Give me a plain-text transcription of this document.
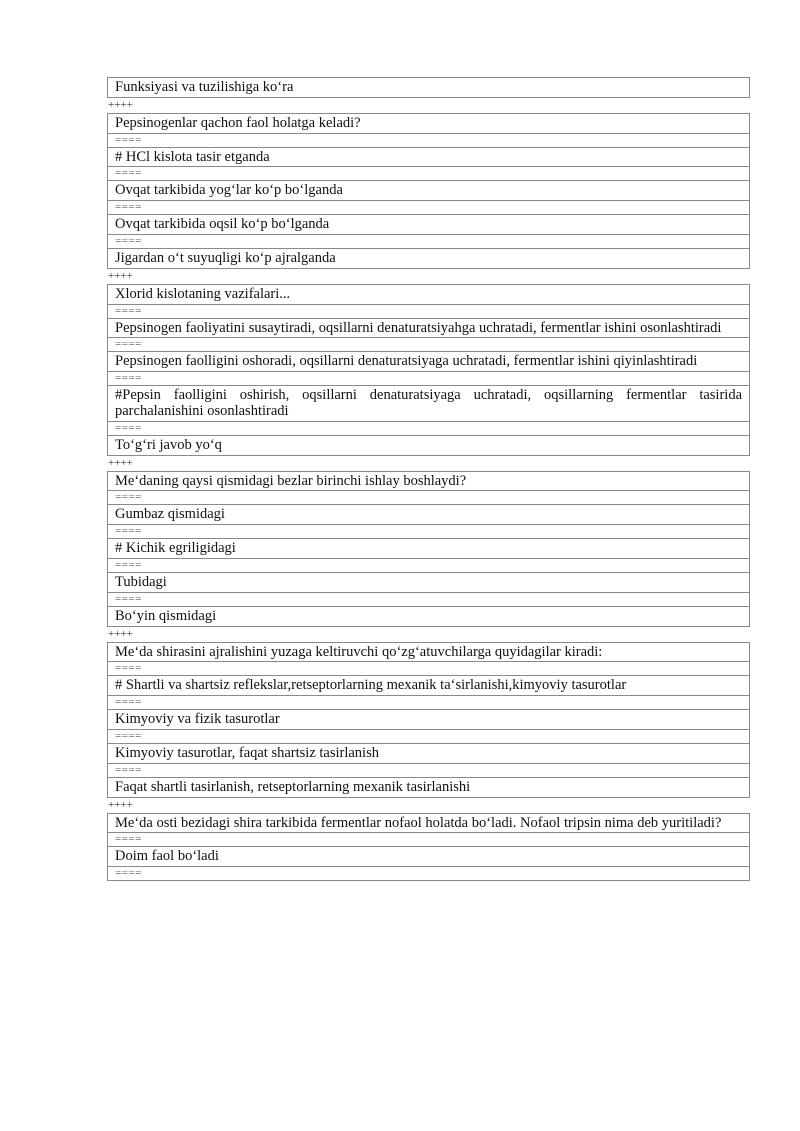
Funksiyasi va tuzilishiga koʻra
++++
Pepsinogenlar qachon faol holatga keladi?
====
# HCl kislota tasir etganda
====
Ovqat tarkibida yogʻlar koʻp boʻlganda
====
Ovqat tarkibida oqsil koʻp boʻlganda
====
Jigardan oʻt suyuqligi koʻp ajralganda
++++
Xlorid kislotaning vazifalari...
====
Pepsinogen faoliyatini susaytiradi, oqsillarni denaturatsiyahga uchratadi, fermentlar ishini osonlashtiradi
====
Pepsinogen faolligini oshoradi, oqsillarni denaturatsiyaga uchratadi, fermentlar ishini qiyinlashtiradi
====
#Pepsin faolligini oshirish, oqsillarni denaturatsiyaga uchratadi, oqsillarning fermentlar tasirida parchalanishini osonlashtiradi
====
Toʻgʻri javob yoʻq
++++
Meʻdaning qaysi qismidagi bezlar birinchi ishlay boshlaydi?
====
Gumbaz qismidagi
====
# Kichik egriligidagi
====
Tubidagi
====
Boʻyin qismidagi
++++
Meʻda shirasini ajralishini yuzaga keltiruvchi qoʻzgʻatuvchilarga quyidagilar kiradi:
====
# Shartli va shartsiz reflekslar,retseptorlarning mexanik taʻsirlanishi,kimyoviy tasurotlar
====
Kimyoviy va fizik tasurotlar
====
Kimyoviy tasurotlar, faqat shartsiz tasirlanish
====
Faqat shartli tasirlanish, retseptorlarning mexanik tasirlanishi
++++
Meʻda osti bezidagi shira tarkibida fermentlar nofaol holatda boʻladi. Nofaol tripsin nima deb yuritiladi?
====
Doim faol boʻladi
====
